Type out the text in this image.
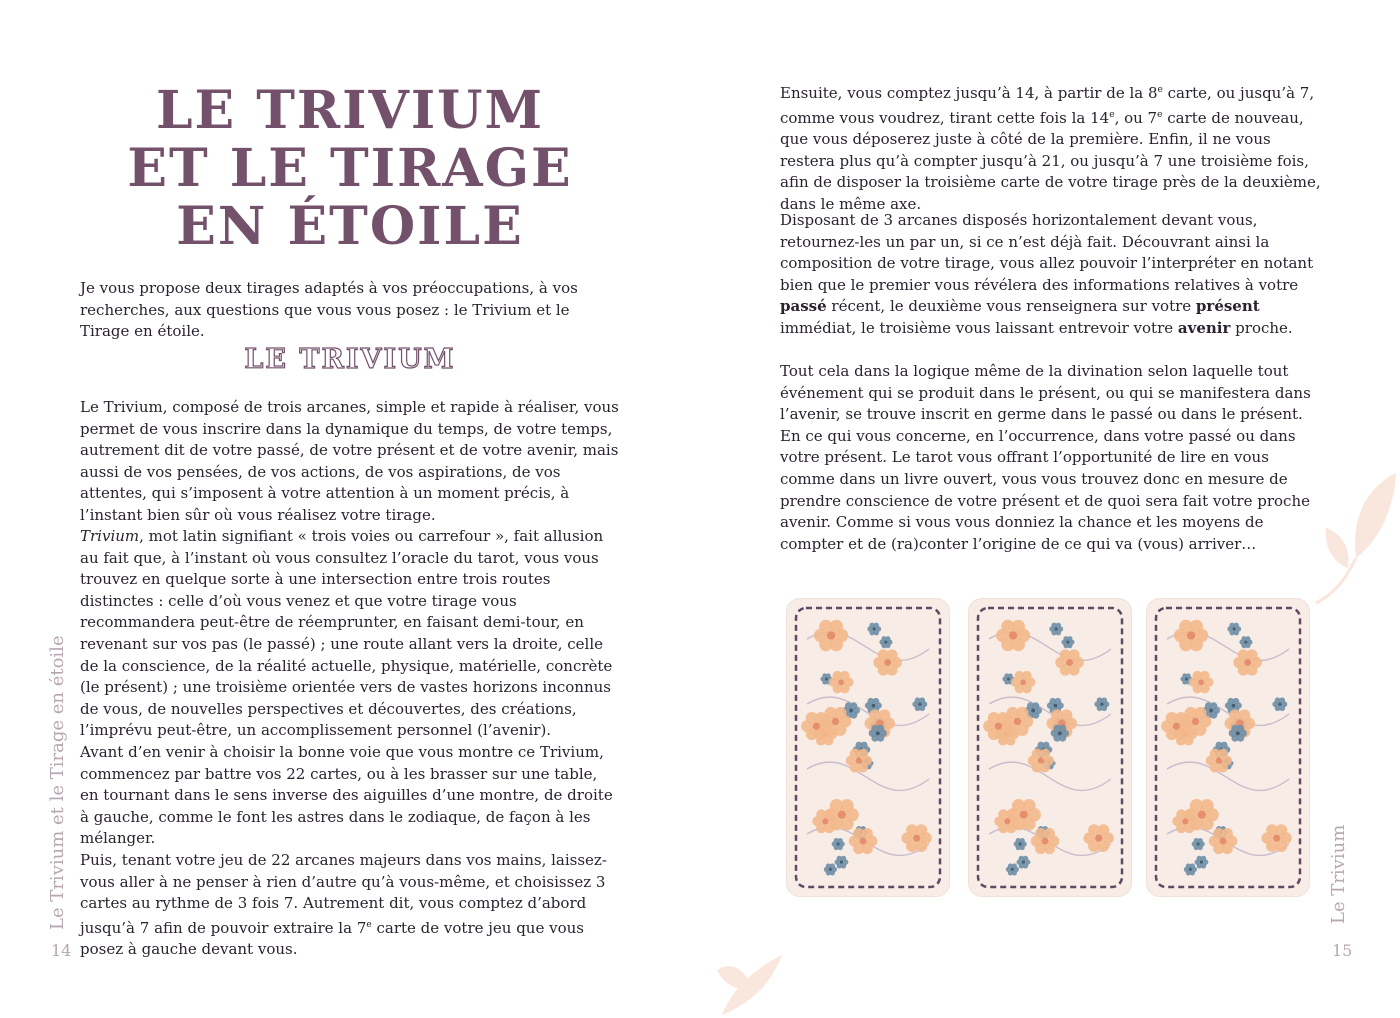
LE TRIVIUM
ET LE TIRAGE
EN ÉTOILE

Je vous propose deux tirages adaptés à vos préoccupations, à vos recherches, aux questions que vous vous posez : le Trivium et le Tirage en étoile.

LE TRIVIUM

Le Trivium, composé de trois arcanes, simple et rapide à réaliser, vous permet de vous inscrire dans la dynamique du temps, de votre temps, autrement dit de votre passé, de votre présent et de votre avenir, mais aussi de vos pensées, de vos actions, de vos aspirations, de vos attentes, qui s’imposent à votre attention à un moment précis, à l’instant bien sûr où vous réalisez votre tirage.

Trivium, mot latin signifiant « trois voies ou carrefour », fait allusion au fait que, à l’instant où vous consultez l’oracle du tarot, vous vous trouvez en quelque sorte à une intersection entre trois routes distinctes : celle d’où vous venez et que votre tirage vous recommandera peut-être de réemprunter, en faisant demi-tour, en revenant sur vos pas (le passé) ; une route allant vers la droite, celle de la conscience, de la réalité actuelle, physique, matérielle, concrète (le présent) ; une troisième orientée vers de vastes horizons inconnus de vous, de nouvelles perspectives et découvertes, des créations, l’imprévu peut-être, un accomplissement personnel (l’avenir).

Avant d’en venir à choisir la bonne voie que vous montre ce Trivium, commencez par battre vos 22 cartes, ou à les brasser sur une table, en tournant dans le sens inverse des aiguilles d’une montre, de droite à gauche, comme le font les astres dans le zodiaque, de façon à les mélanger.

Puis, tenant votre jeu de 22 arcanes majeurs dans vos mains, laissez-vous aller à ne penser à rien d’autre qu’à vous-même, et choisissez 3 cartes au rythme de 3 fois 7. Autrement dit, vous comptez d’abord jusqu’à 7 afin de pouvoir extraire la 7e carte de votre jeu que vous posez à gauche devant vous.

Le Trivium et le Tirage en étoile
14

Ensuite, vous comptez jusqu’à 14, à partir de la 8e carte, ou jusqu’à 7, comme vous voudrez, tirant cette fois la 14e, ou 7e carte de nouveau, que vous déposerez juste à côté de la première. Enfin, il ne vous restera plus qu’à compter jusqu’à 21, ou jusqu’à 7 une troisième fois, afin de disposer la troisième carte de votre tirage près de la deuxième, dans le même axe.

Disposant de 3 arcanes disposés horizontalement devant vous, retournez-les un par un, si ce n’est déjà fait. Découvrant ainsi la composition de votre tirage, vous allez pouvoir l’interpréter en notant bien que le premier vous révélera des informations relatives à votre passé récent, le deuxième vous renseignera sur votre présent immédiat, le troisième vous laissant entrevoir votre avenir proche.

Tout cela dans la logique même de la divination selon laquelle tout événement qui se produit dans le présent, ou qui se manifestera dans l’avenir, se trouve inscrit en germe dans le passé ou dans le présent. En ce qui vous concerne, en l’occurrence, dans votre passé ou dans votre présent. Le tarot vous offrant l’opportunité de lire en vous comme dans un livre ouvert, vous vous trouvez donc en mesure de prendre conscience de votre présent et de quoi sera fait votre proche avenir. Comme si vous vous donniez la chance et les moyens de compter et de (ra)conter l’origine de ce qui va (vous) arriver…

Le Trivium
15
